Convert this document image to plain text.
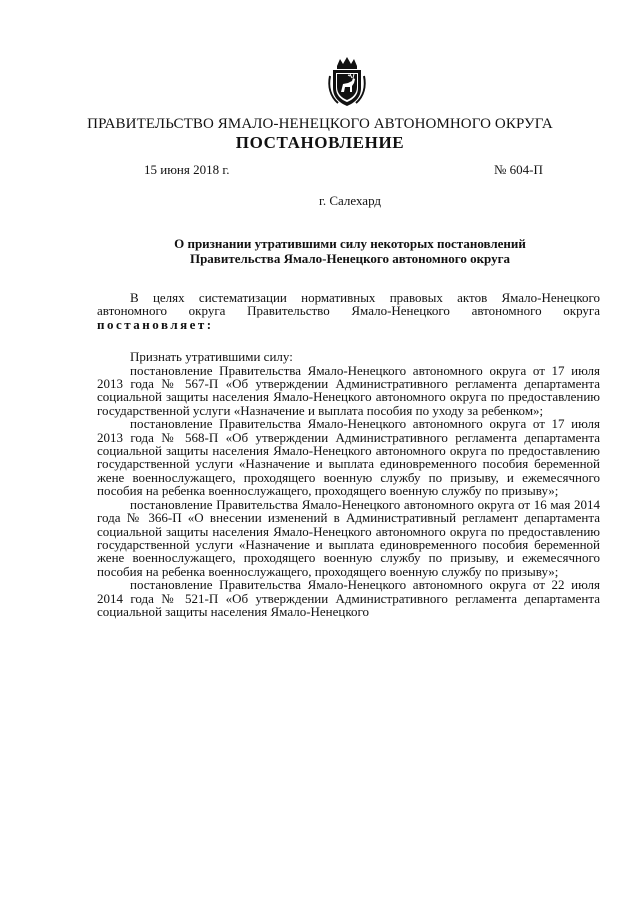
ПРАВИТЕЛЬСТВО ЯМАЛО-НЕНЕЦКОГО АВТОНОМНОГО ОКРУГА
ПОСТАНОВЛЕНИЕ
15 июня 2018 г.	№ 604-П
г. Салехард
О признании утратившими силу некоторых постановлений
Правительства Ямало-Ненецкого автономного округа

В целях систематизации нормативных правовых актов Ямало-Ненецкого автономного округа Правительство Ямало-Ненецкого автономного округа постановляет:

Признать утратившими силу:

постановление Правительства Ямало-Ненецкого автономного округа от 17 июля 2013 года № 567-П «Об утверждении Административного регламента департамента социальной защиты населения Ямало-Ненецкого автономного округа по предоставлению государственной услуги «Назначение и выплата пособия по уходу за ребенком»;

постановление Правительства Ямало-Ненецкого автономного округа от 17 июля 2013 года № 568-П «Об утверждении Административного регламента департамента социальной защиты населения Ямало-Ненецкого автономного округа по предоставлению государственной услуги «Назначение и выплата единовременного пособия беременной жене военнослужащего, проходящего военную службу по призыву, и ежемесячного пособия на ребенка военнослужащего, проходящего военную службу по призыву»;

постановление Правительства Ямало-Ненецкого автономного округа от 16 мая 2014 года № 366-П «О внесении изменений в Административный регламент департамента социальной защиты населения Ямало-Ненецкого автономного округа по предоставлению государственной услуги «Назначение и выплата единовременного пособия беременной жене военнослужащего, проходящего военную службу по призыву, и ежемесячного пособия на ребенка военнослужащего, проходящего военную службу по призыву»;

постановление Правительства Ямало-Ненецкого автономного округа от 22 июля 2014 года № 521-П «Об утверждении Административного регламента департамента социальной защиты населения Ямало-Ненецкого
